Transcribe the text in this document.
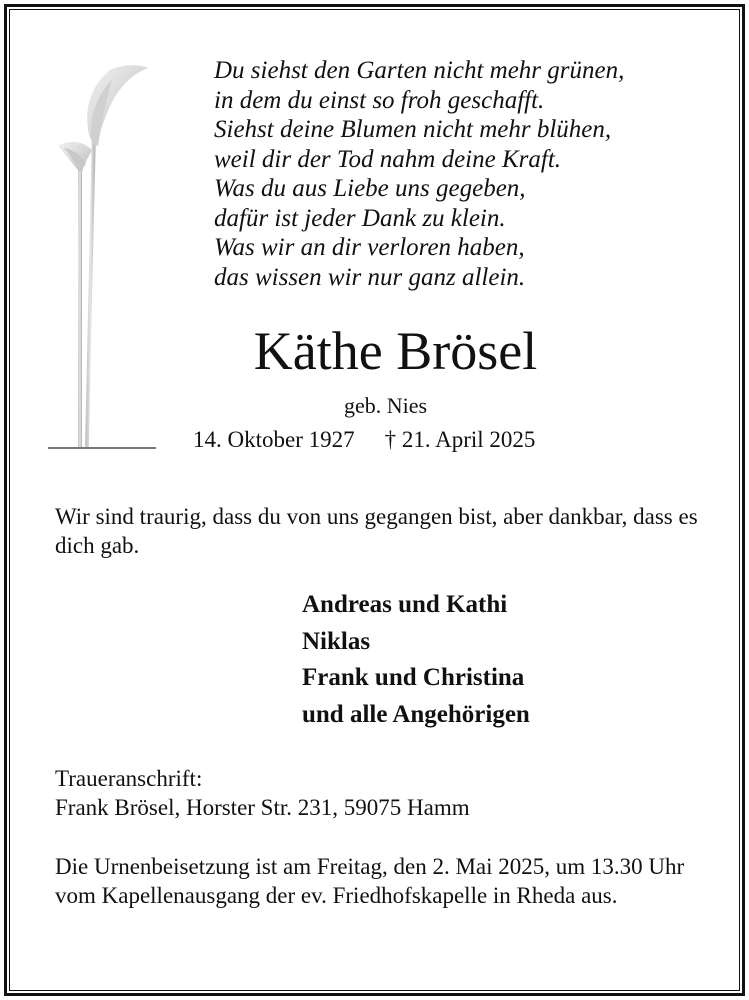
Du siehst den Garten nicht mehr grünen,
in dem du einst so froh geschafft.
Siehst deine Blumen nicht mehr blühen,
weil dir der Tod nahm deine Kraft.
Was du aus Liebe uns gegeben,
dafür ist jeder Dank zu klein.
Was wir an dir verloren haben,
das wissen wir nur ganz allein.
Käthe Brösel
geb. Nies
14. Oktober 1927 † 21. April 2025
Wir sind traurig, dass du von uns gegangen bist, aber dankbar, dass es dich gab.
Andreas und Kathi
Niklas
Frank und Christina
und alle Angehörigen
Traueranschrift:
Frank Brösel, Horster Str. 231, 59075 Hamm
Die Urnenbeisetzung ist am Freitag, den 2. Mai 2025, um 13.30 Uhr vom Kapellenausgang der ev. Friedhofskapelle in Rheda aus.
